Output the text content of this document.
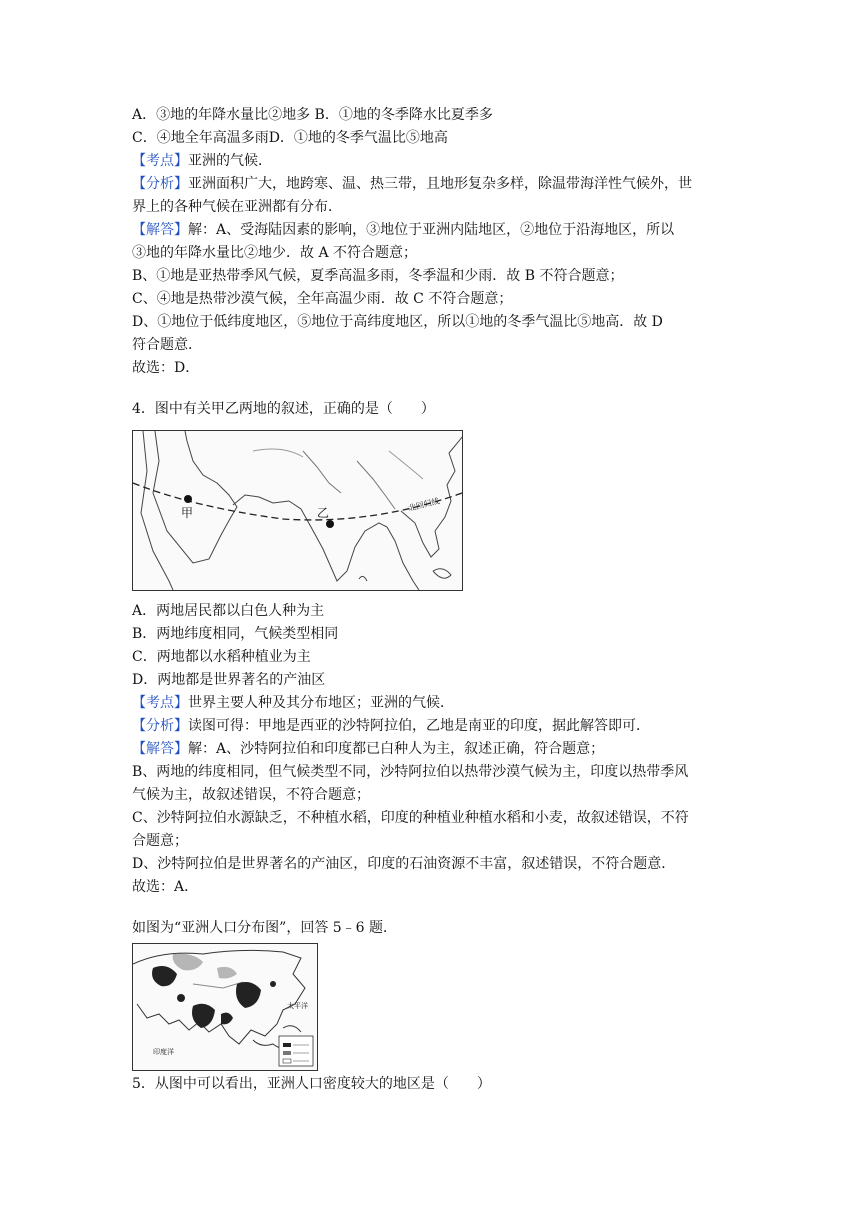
A．③地的年降水量比②地多 B．①地的冬季降水比夏季多
C．④地全年高温多雨D．①地的冬季气温比⑤地高
【考点】亚洲的气候．
【分析】亚洲面积广大，地跨寒、温、热三带，且地形复杂多样，除温带海洋性气候外，世
界上的各种气候在亚洲都有分布．
【解答】解：A、受海陆因素的影响，③地位于亚洲内陆地区，②地位于沿海地区，所以
③地的年降水量比②地少．故 A 不符合题意；
B、①地是亚热带季风气候，夏季高温多雨，冬季温和少雨．故 B 不符合题意；
C、④地是热带沙漠气候，全年高温少雨．故 C 不符合题意；
D、①地位于低纬度地区，⑤地位于高纬度地区，所以①地的冬季气温比⑤地高．故 D
符合题意．
故选：D．
4．图中有关甲乙两地的叙述，正确的是（　　）
北回归线
甲	乙
A．两地居民都以白色人种为主
B．两地纬度相同，气候类型相同
C．两地都以水稻种植业为主
D．两地都是世界著名的产油区
【考点】世界主要人种及其分布地区；亚洲的气候．
【分析】读图可得：甲地是西亚的沙特阿拉伯，乙地是南亚的印度，据此解答即可．
【解答】解：A、沙特阿拉伯和印度都已白种人为主，叙述正确，符合题意；
B、两地的纬度相同，但气候类型不同，沙特阿拉伯以热带沙漠气候为主，印度以热带季风
气候为主，故叙述错误，不符合题意；
C、沙特阿拉伯水源缺乏，不种植水稻，印度的种植业种植水稻和小麦，故叙述错误，不符
合题意；
D、沙特阿拉伯是世界著名的产油区，印度的石油资源不丰富，叙述错误，不符合题意．
故选：A．
如图为“亚洲人口分布图”，回答 5﹣6 题．
太平洋
印度洋
5．从图中可以看出，亚洲人口密度较大的地区是（　　）
